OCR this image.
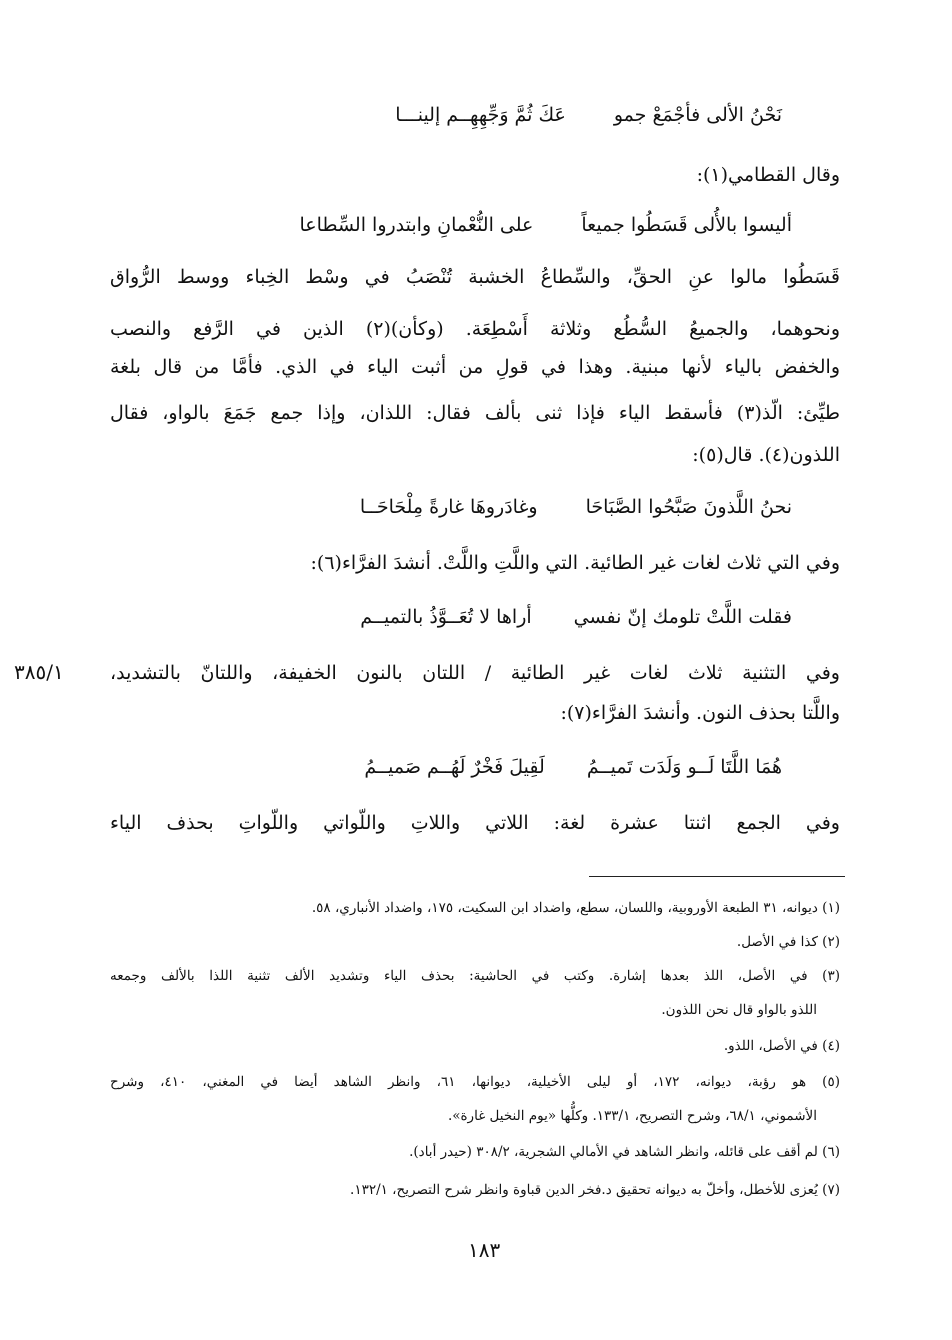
نَحْنُ الألى فأجْمَعْ جمو
عَكَ ثُمَّ وَجِّهِهِــم إلينـــا
وقال القطامي(١):
أليسوا بالأُلى قَسَطُوا جميعاً
على النُّعْمانِ وابتدروا السِّطاعا
قَسَطُوا مالوا عنِ الحقِّ، والسِّطاعُ الخشبة تُنْصَبُ في وسْط الخِباء ووسط الرُّواق
ونحوهما، والجميعُ السُّطُع وثلاثة أَسْطِعَة. (وكأن)(٢) الذين في الرَّفع والنصب
والخفض بالياء لأنها مبنية. وهذا في قولِ من أثبت الياء في الذي. فأمَّا من قال بلغة
طيِّئ: الّذ(٣) فأسقط الياء فإذا ثنى بألف فقال: اللذان، وإذا جمع جَمَعَ بالواو، فقال
اللذون(٤). قال(٥):
نحنُ اللَّذونَ صَبَّحُوا الصَّبَاحَا
وغادَروهَا غارةً مِلْحَاحَــا
وفي التي ثلاث لغات غير الطائية. التي واللَّتِ واللَّتْ. أنشدَ الفرَّاء(٦):
فقلت اللَّتْ تلومك إنّ نفسي
أراها لا تُعَــوَّذُ بالتميــم
٣٨٥/١ وفي التثنية ثلاث لغات غير الطائية / اللتان بالنون الخفيفة، واللتانّ بالتشديد،
واللَّتا بحذف النون. وأنشدَ الفرَّاء(٧):
هُمَا اللَّتَا لَــو وَلَدَت تَميــمُ
لَقِيلَ فَخْرٌ لَهُــم صَميــمُ
وفي الجمع اثنتا عشرة لغة: اللاتي واللاتِ واللّواتي واللّواتِ بحذف الياء
(١) ديوانه، ٣١ الطبعة الأوروبية، واللسان، سطع، واضداد ابن السكيت، ١٧٥، واضداد الأنباري، ٥٨.
(٢) كذا في الأصل.
(٣) في الأصل، اللذ بعدها إشارة. وكتب في الحاشية: بحذف الياء وتشديد الألف تثنية اللذا بالألف وجمعه
اللذو بالواو قال نحن اللذون.
(٤) في الأصل، اللذو.
(٥) هو رؤبة، ديوانه، ١٧٢، أو ليلى الأخيلية، ديوانها، ٦١، وانظر الشاهد أيضا في المغني، ٤١٠، وشرح
الأشموني، ٦٨/١، وشرح التصريح، ١٣٣/١. وكلُّها «يوم النخيل غارة».
(٦) لم أقف على قائله، وانظر الشاهد في الأمالي الشجرية، ٣٠٨/٢ (حيدر أباد).
(٧) يُعزى للأخطل، وأخلّ به ديوانه تحقيق د.فخر الدين قباوة وانظر شرح التصريح، ١٣٢/١.
١٨٣
